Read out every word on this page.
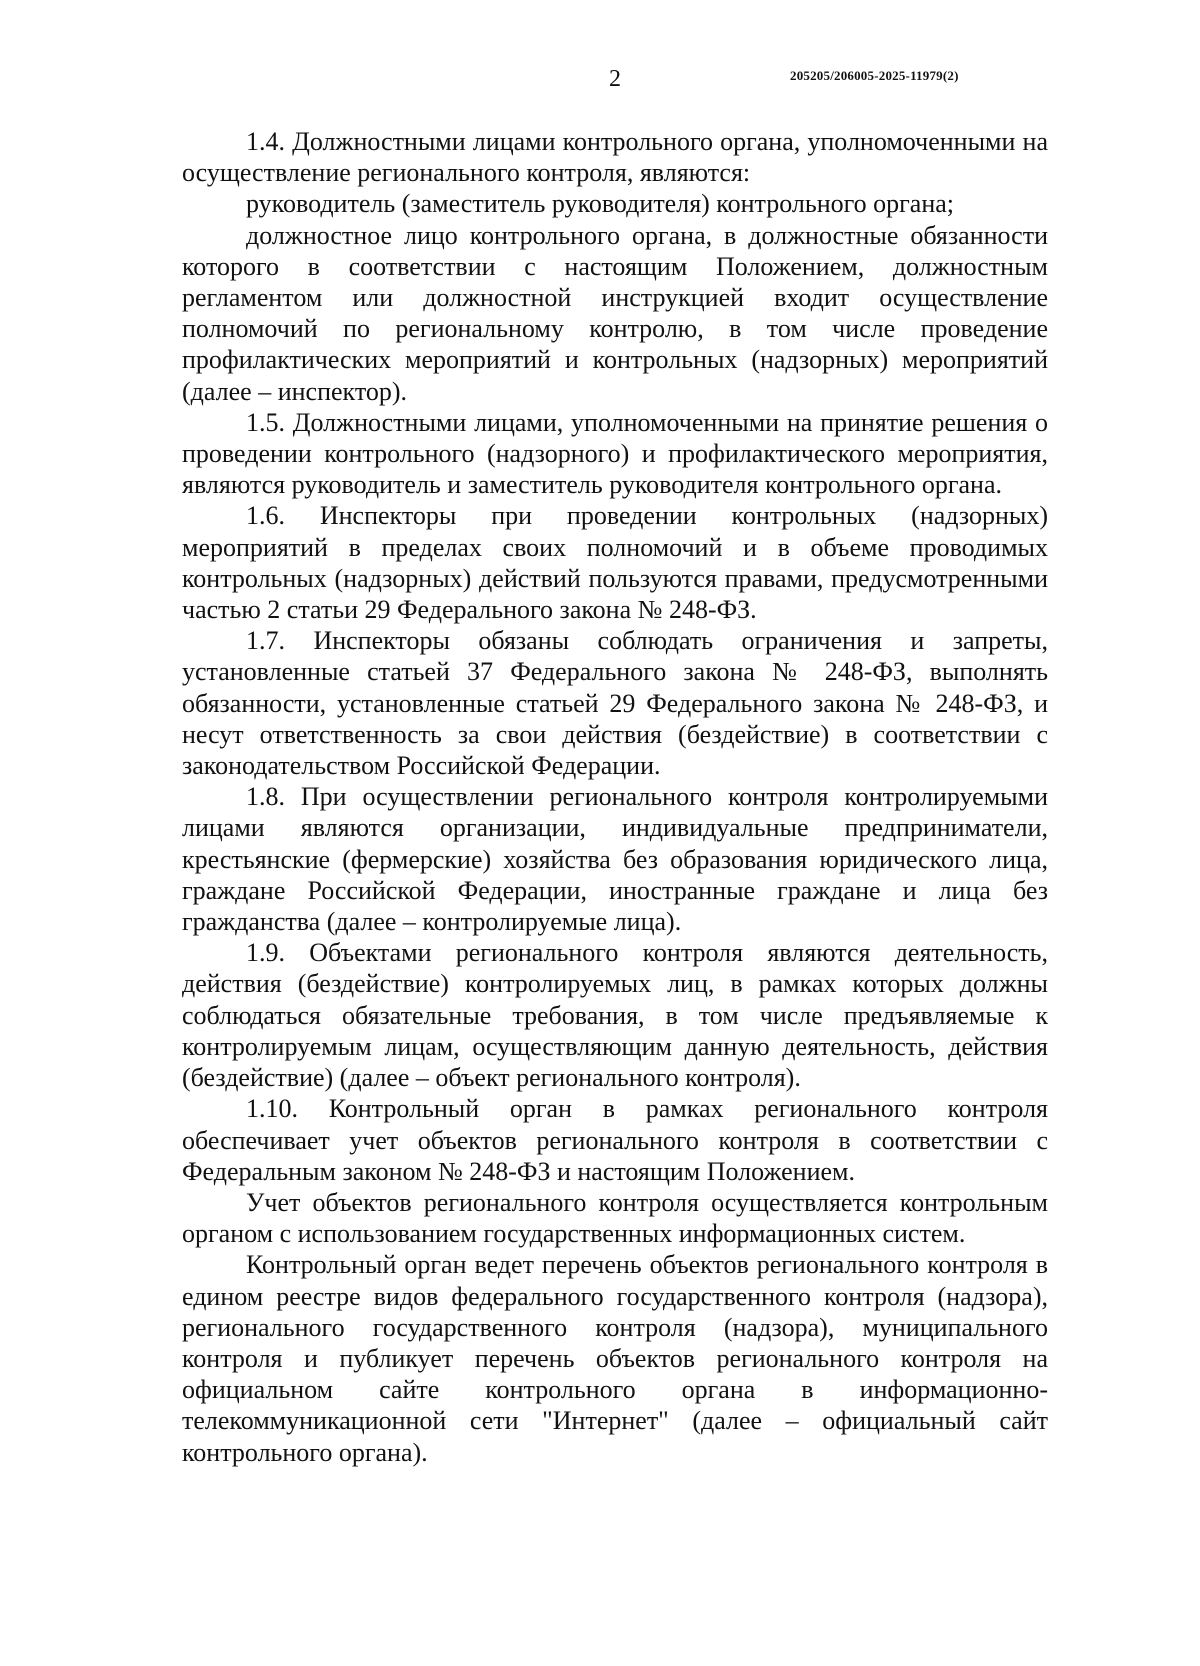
2	205205/206005-2025-11979(2)

1.4. Должностными лицами контрольного органа, уполномоченными на осуществление регионального контроля, являются:

руководитель (заместитель руководителя) контрольного органа;

должностное лицо контрольного органа, в должностные обязанности которого в соответствии с настоящим Положением, должностным регламентом или должностной инструкцией входит осуществление полномочий по региональному контролю, в том числе проведение профилактических мероприятий и контрольных (надзорных) мероприятий (далее – инспектор).

1.5. Должностными лицами, уполномоченными на принятие решения о проведении контрольного (надзорного) и профилактического мероприятия, являются руководитель и заместитель руководителя контрольного органа.

1.6. Инспекторы при проведении контрольных (надзорных) мероприятий в пределах своих полномочий и в объеме проводимых контрольных (надзорных) действий пользуются правами, предусмотренными частью 2 статьи 29 Федерального закона № 248-ФЗ.

1.7. Инспекторы обязаны соблюдать ограничения и запреты, установленные статьей 37 Федерального закона № 248-ФЗ, выполнять обязанности, установленные статьей 29 Федерального закона № 248-ФЗ, и несут ответственность за свои действия (бездействие) в соответствии с законодательством Российской Федерации.

1.8. При осуществлении регионального контроля контролируемыми лицами являются организации, индивидуальные предприниматели, крестьянские (фермерские) хозяйства без образования юридического лица, граждане Российской Федерации, иностранные граждане и лица без гражданства (далее – контролируемые лица).

1.9. Объектами регионального контроля являются деятельность, действия (бездействие) контролируемых лиц, в рамках которых должны соблюдаться обязательные требования, в том числе предъявляемые к контролируемым лицам, осуществляющим данную деятельность, действия (бездействие) (далее – объект регионального контроля).

1.10. Контрольный орган в рамках регионального контроля обеспечивает учет объектов регионального контроля в соответствии с Федеральным законом № 248-ФЗ и настоящим Положением.

Учет объектов регионального контроля осуществляется контрольным органом с использованием государственных информационных систем.

Контрольный орган ведет перечень объектов регионального контроля в едином реестре видов федерального государственного контроля (надзора), регионального государственного контроля (надзора), муниципального контроля и публикует перечень объектов регионального контроля на официальном сайте контрольного органа в информационно-телекоммуникационной сети "Интернет" (далее – официальный сайт контрольного органа).
